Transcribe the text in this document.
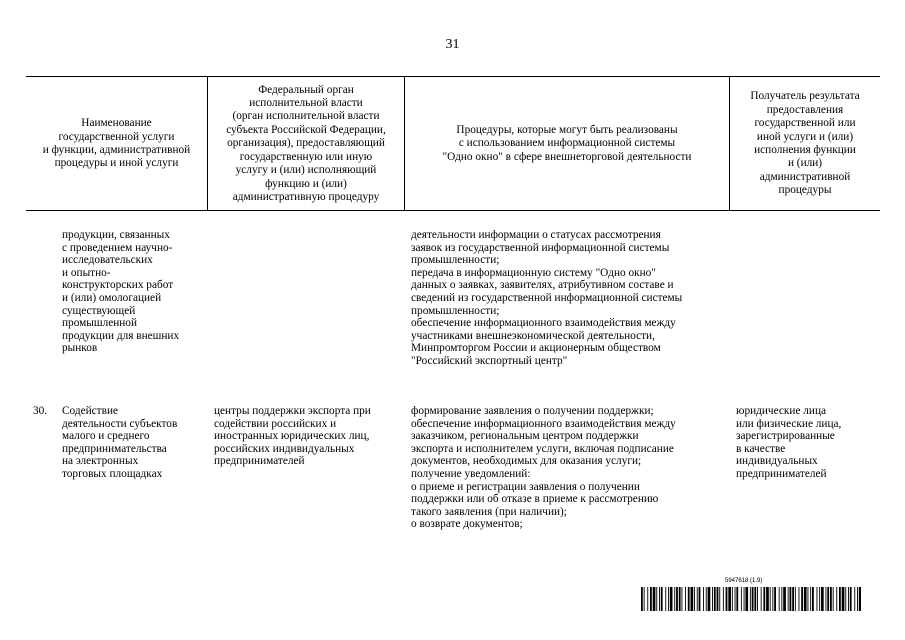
31
Наименование
государственной услуги
и функции, административной
процедуры и иной услуги
Федеральный орган
исполнительной власти
(орган исполнительной власти
субъекта Российской Федерации,
организация), предоставляющий
государственную или иную
услугу и (или) исполняющий
функцию и (или)
административную процедуру
Процедуры, которые могут быть реализованы
с использованием информационной системы
"Одно окно" в сфере внешнеторговой деятельности
Получатель результата
предоставления
государственной или
иной услуги и (или)
исполнения функции
и (или)
административной
процедуры
продукции, связанных
с проведением научно-
исследовательских
и опытно-
конструкторских работ
и (или) омологацией
существующей
промышленной
продукции для внешних
рынков
деятельности информации о статусах рассмотрения
заявок из государственной информационной системы
промышленности;
передача в информационную систему "Одно окно"
данных о заявках, заявителях, атрибутивном составе и
сведений из государственной информационной системы
промышленности;
обеспечение информационного взаимодействия между
участниками внешнеэкономической деятельности,
Минпромторгом России и акционерным обществом
"Российский экспортный центр"
30. Содействие
деятельности субъектов
малого и среднего
предпринимательства
на электронных
торговых площадках
центры поддержки экспорта при
содействии российских и
иностранных юридических лиц,
российских индивидуальных
предпринимателей
формирование заявления о получении поддержки;
обеспечение информационного взаимодействия между
заказчиком, региональным центром поддержки
экспорта и исполнителем услуги, включая подписание
документов, необходимых для оказания услуги;
получение уведомлений:
о приеме и регистрации заявления о получении
поддержки или об отказе в приеме к рассмотрению
такого заявления (при наличии);
о возврате документов;
юридические лица
или физические лица,
зарегистрированные
в качестве
индивидуальных
предпринимателей
5947618 (1.9)
